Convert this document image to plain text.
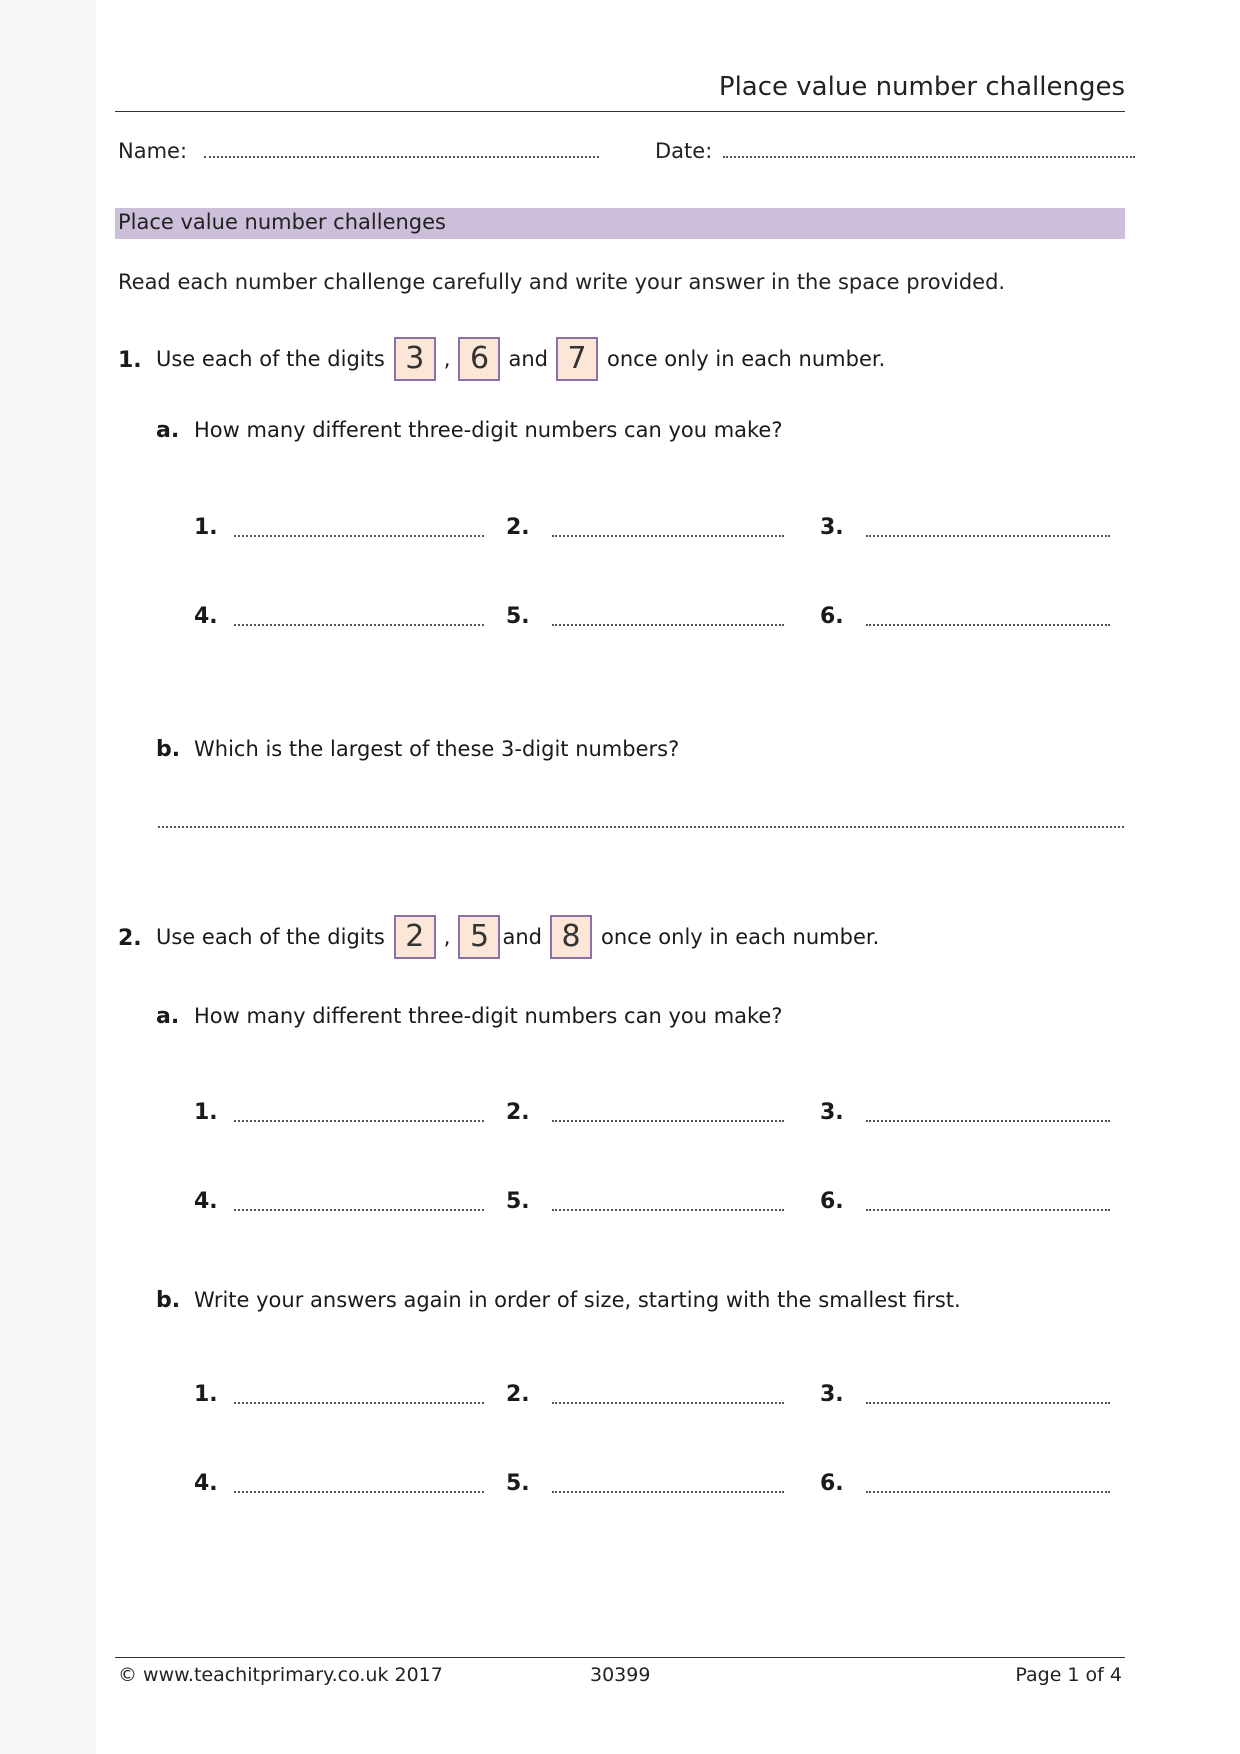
Place value number challenges
Name:	Date:
Place value number challenges
Read each number challenge carefully and write your answer in the space provided.
1. Use each of the digits 3 , 6 and 7 once only in each number.
a. How many different three-digit numbers can you make?
1.	2.	3.
4.	5.	6.
b. Which is the largest of these 3-digit numbers?
2. Use each of the digits 2 , 5 and 8 once only in each number.
a. How many different three-digit numbers can you make?
1.	2.	3.
4.	5.	6.
b. Write your answers again in order of size, starting with the smallest first.
1.	2.	3.
4.	5.	6.
© www.teachitprimary.co.uk 2017	30399	Page 1 of 4
